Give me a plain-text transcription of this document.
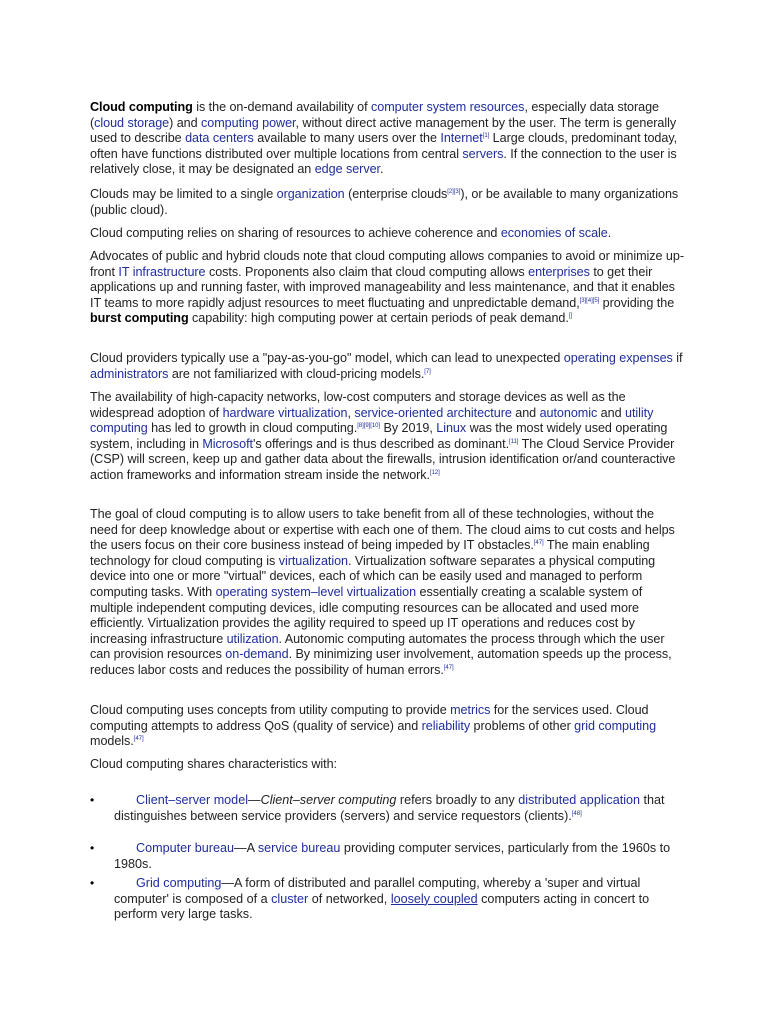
Cloud computing is the on-demand availability of computer system resources, especially data storage (cloud storage) and computing power, without direct active management by the user. The term is generally used to describe data centers available to many users over the Internet[1] Large clouds, predominant today, often have functions distributed over multiple locations from central servers. If the connection to the user is relatively close, it may be designated an edge server.

Clouds may be limited to a single organization (enterprise clouds[2][3]), or be available to many organizations (public cloud).

Cloud computing relies on sharing of resources to achieve coherence and economies of scale.

Advocates of public and hybrid clouds note that cloud computing allows companies to avoid or minimize up-front IT infrastructure costs. Proponents also claim that cloud computing allows enterprises to get their applications up and running faster, with improved manageability and less maintenance, and that it enables IT teams to more rapidly adjust resources to meet fluctuating and unpredictable demand,[3][4][5] providing the burst computing capability: high computing power at certain periods of peak demand.[]

Cloud providers typically use a "pay-as-you-go" model, which can lead to unexpected operating expenses if administrators are not familiarized with cloud-pricing models.[7]

The availability of high-capacity networks, low-cost computers and storage devices as well as the widespread adoption of hardware virtualization, service-oriented architecture and autonomic and utility computing has led to growth in cloud computing.[8][9][10] By 2019, Linux was the most widely used operating system, including in Microsoft's offerings and is thus described as dominant.[11] The Cloud Service Provider (CSP) will screen, keep up and gather data about the firewalls, intrusion identification or/and counteractive action frameworks and information stream inside the network.[12]

The goal of cloud computing is to allow users to take benefit from all of these technologies, without the need for deep knowledge about or expertise with each one of them. The cloud aims to cut costs and helps the users focus on their core business instead of being impeded by IT obstacles.[47] The main enabling technology for cloud computing is virtualization. Virtualization software separates a physical computing device into one or more "virtual" devices, each of which can be easily used and managed to perform computing tasks. With operating system–level virtualization essentially creating a scalable system of multiple independent computing devices, idle computing resources can be allocated and used more efficiently. Virtualization provides the agility required to speed up IT operations and reduces cost by increasing infrastructure utilization. Autonomic computing automates the process through which the user can provision resources on-demand. By minimizing user involvement, automation speeds up the process, reduces labor costs and reduces the possibility of human errors.[47]

Cloud computing uses concepts from utility computing to provide metrics for the services used. Cloud computing attempts to address QoS (quality of service) and reliability problems of other grid computing models.[47]

Cloud computing shares characteristics with:

•	Client–server model—Client–server computing refers broadly to any distributed application that distinguishes between service providers (servers) and service requestors (clients).[48]
•	Computer bureau—A service bureau providing computer services, particularly from the 1960s to 1980s.
•	Grid computing—A form of distributed and parallel computing, whereby a 'super and virtual computer' is composed of a cluster of networked, loosely coupled computers acting in concert to perform very large tasks.
